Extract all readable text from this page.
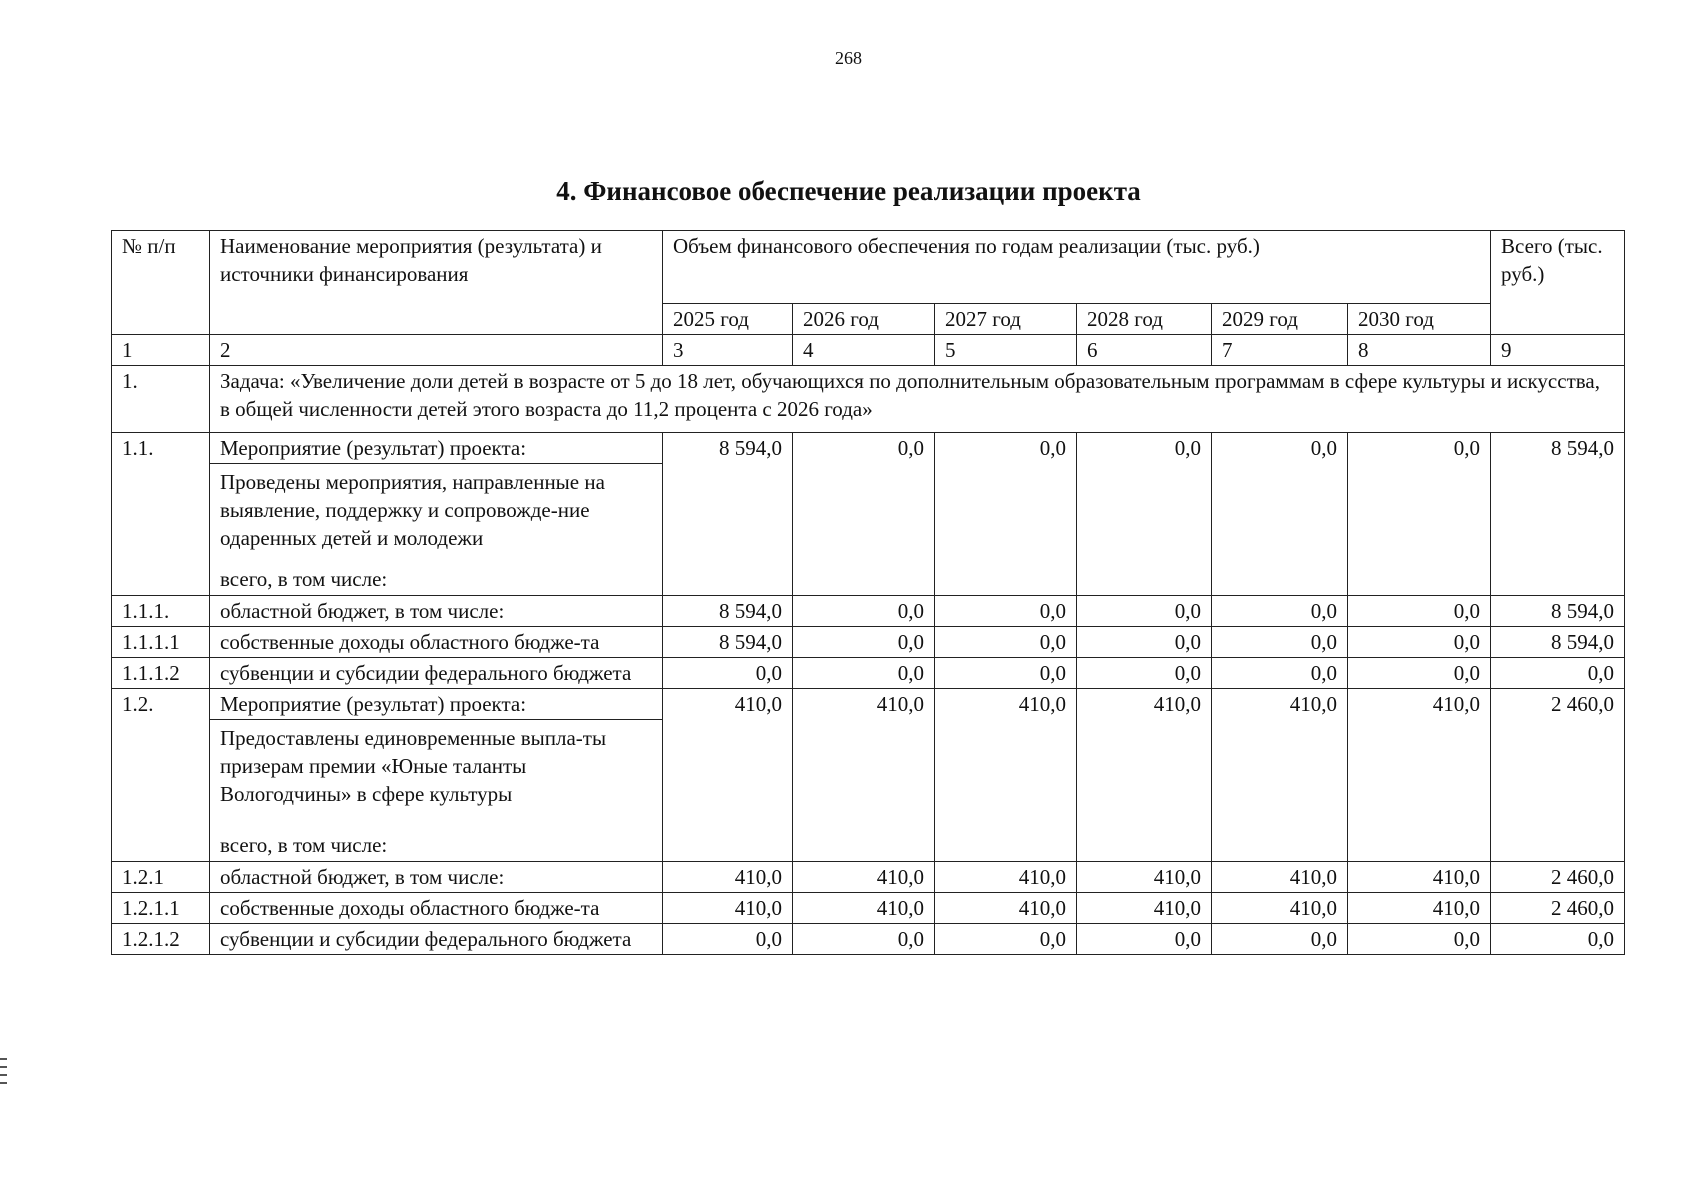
268
4. Финансовое обеспечение реализации проекта
№ п/п	Наименование мероприятия (результата) и источники финансирования	Объем финансового обеспечения по годам реализации (тыс. руб.)						Всего (тыс. руб.)
		2025 год	2026 год	2027 год	2028 год	2029 год	2030 год	
1	2	3	4	5	6	7	8	9
1.	Задача: «Увеличение доли детей в возрасте от 5 до 18 лет, обучающихся по дополнительным образовательным программам в сфере культуры и искусства, в общей численности детей этого возраста до 11,2 процента с 2026 года»							
1.1.	Мероприятие (результат) проекта:	8 594,0	0,0	0,0	0,0	0,0	0,0	8 594,0

	Проведены мероприятия, направленные на выявление, поддержку и сопровожде-ние одаренных детей и молодежи
всего, в том числе:							

1.1.1.	областной бюджет, в том числе:	8 594,0	0,0	0,0	0,0	0,0	0,0	8 594,0
1.1.1.1	собственные доходы областного бюдже-та	8 594,0	0,0	0,0	0,0	0,0	0,0	8 594,0
1.1.1.2	субвенции и субсидии федерального бюджета	0,0	0,0	0,0	0,0	0,0	0,0	0,0
1.2.	Мероприятие (результат) проекта:	410,0	410,0	410,0	410,0	410,0	410,0	2 460,0

	Предоставлены единовременные выпла-ты призерам премии «Юные таланты Вологодчины» в сфере культуры
всего, в том числе:							

1.2.1	областной бюджет, в том числе:	410,0	410,0	410,0	410,0	410,0	410,0	2 460,0
1.2.1.1	собственные доходы областного бюдже-та	410,0	410,0	410,0	410,0	410,0	410,0	2 460,0
1.2.1.2	субвенции и субсидии федерального бюджета	0,0	0,0	0,0	0,0	0,0	0,0	0,0
